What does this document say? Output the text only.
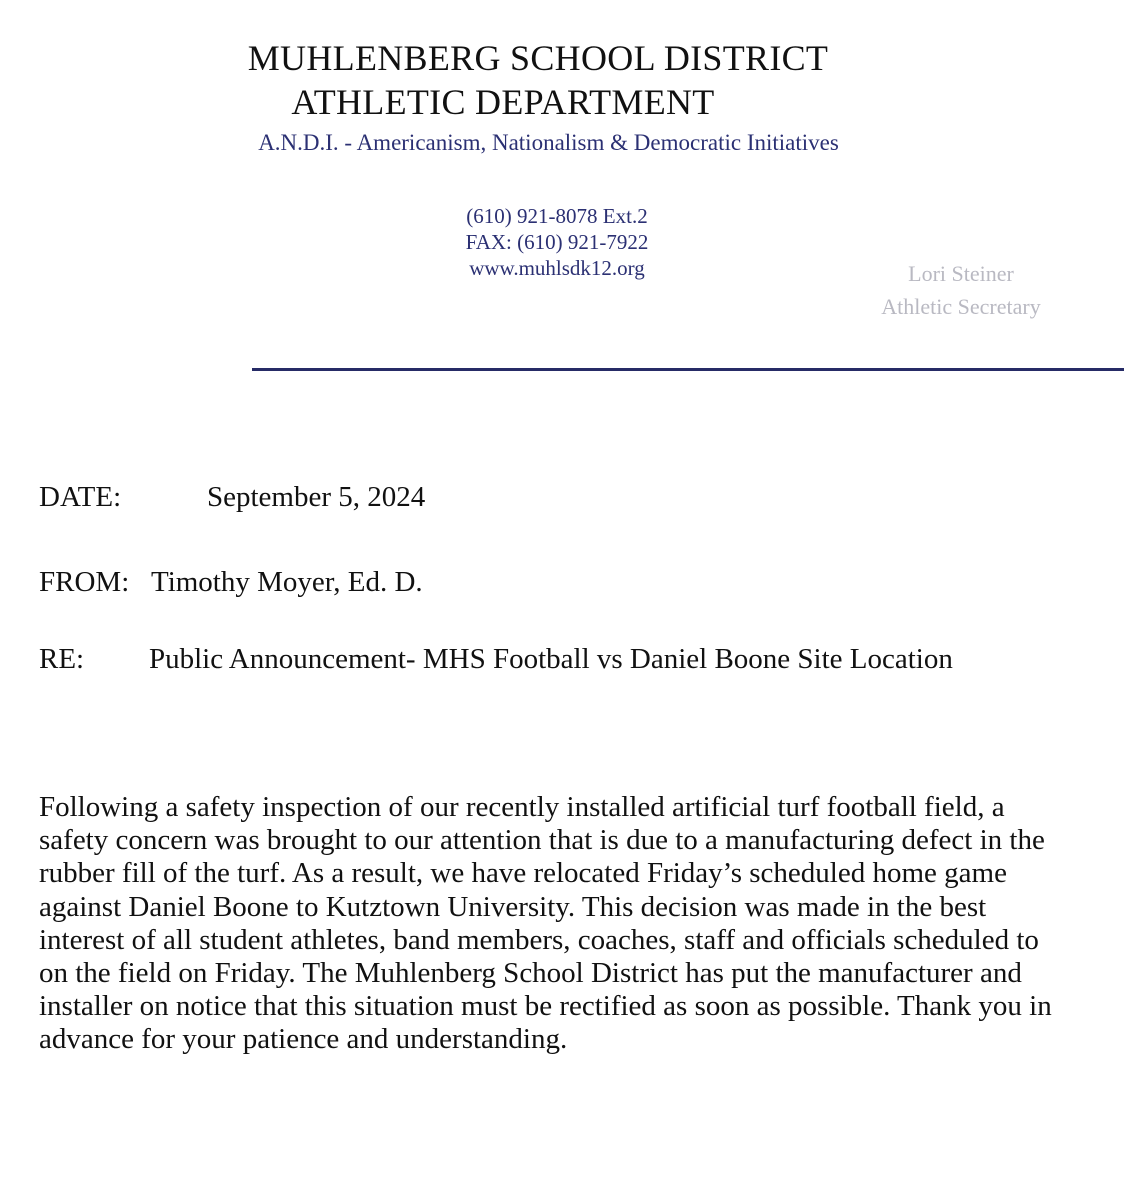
MUHLENBERG SCHOOL DISTRICT
ATHLETIC DEPARTMENT
A.N.D.I. - Americanism, Nationalism & Democratic Initiatives
(610) 921-8078 Ext.2
FAX: (610) 921-7922
www.muhlsdk12.org	Lori Steiner
Athletic Secretary
DATE:	September 5, 2024
FROM: Timothy Moyer, Ed. D.
RE: Public Announcement- MHS Football vs Daniel Boone Site Location

Following a safety inspection of our recently installed artificial turf football field, a safety concern was brought to our attention that is due to a manufacturing defect in the rubber fill of the turf. As a result, we have relocated Friday’s scheduled home game against Daniel Boone to Kutztown University. This decision was made in the best interest of all student athletes, band members, coaches, staff and officials scheduled to on the field on Friday. The Muhlenberg School District has put the manufacturer and installer on notice that this situation must be rectified as soon as possible. Thank you in advance for your patience and understanding.
